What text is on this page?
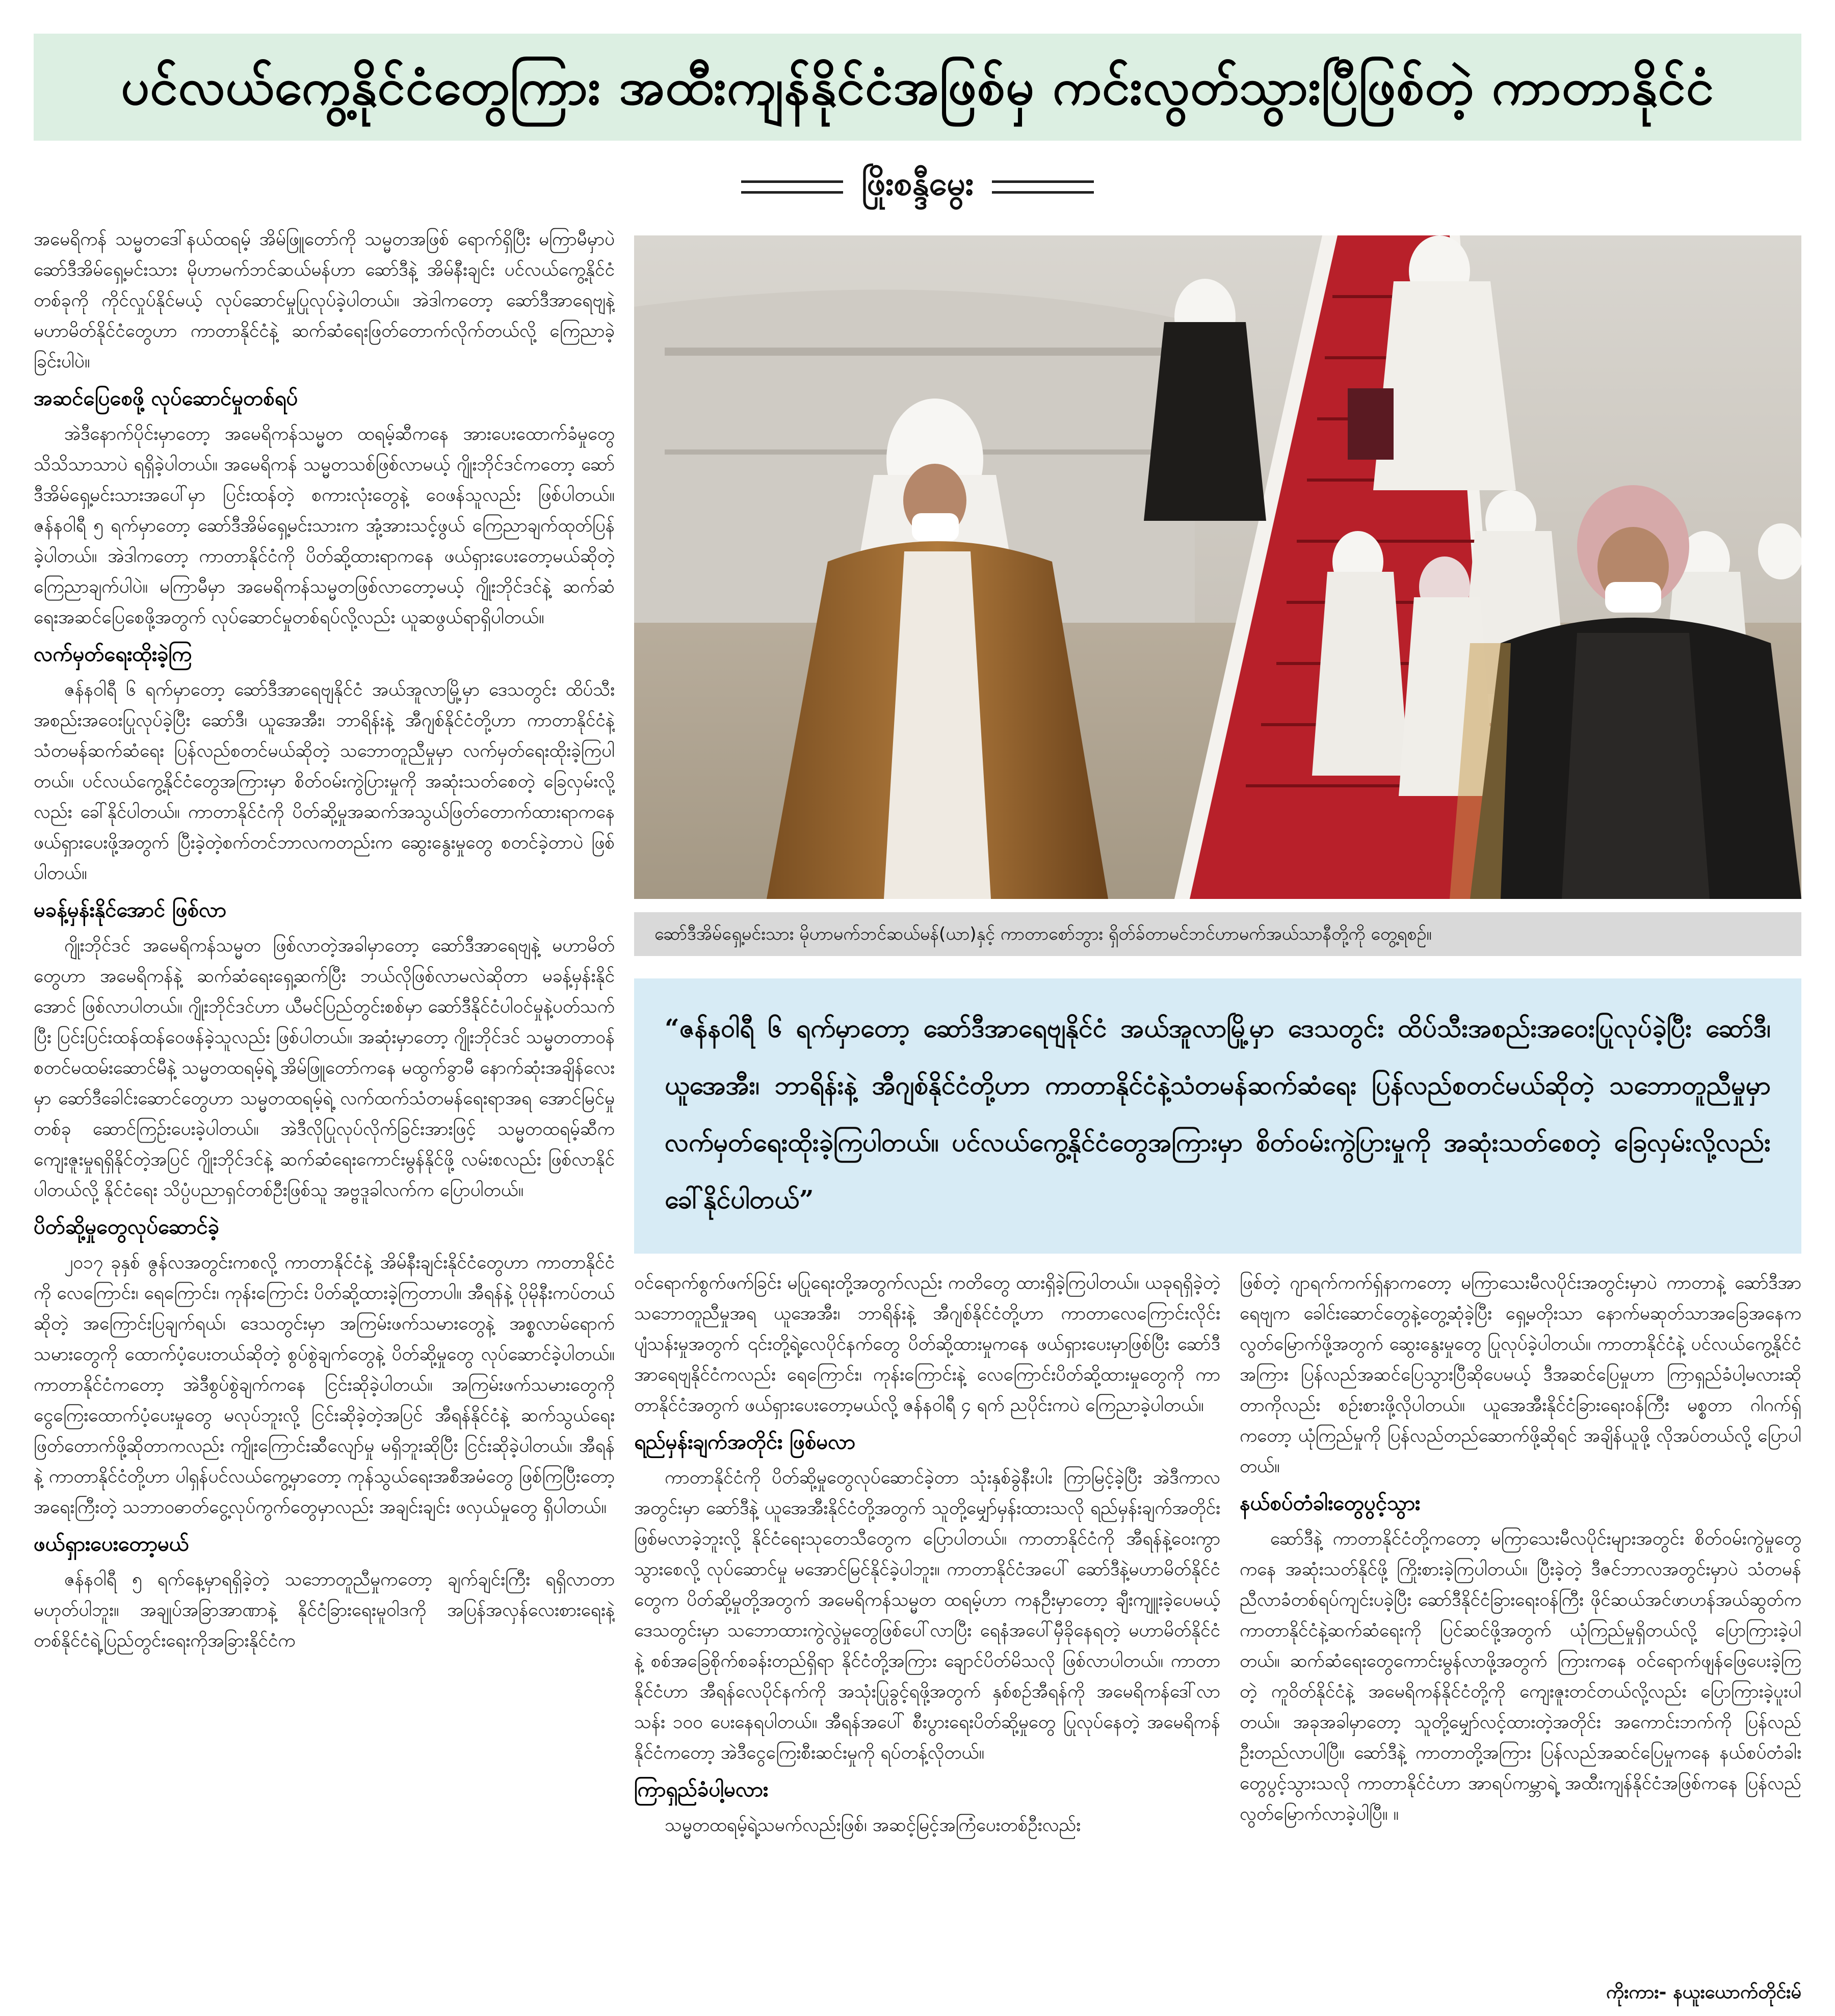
ပင်လယ်ကွေ့နိုင်ငံတွေကြား အထီးကျန်နိုင်ငံအဖြစ်မှ ကင်းလွတ်သွားပြီဖြစ်တဲ့ ကာတာနိုင်ငံ
ဖြိုးစန္ဒီမွေး

အမေရိကန် သမ္မတဒေါ်နယ်ထရမ့် အိမ်ဖြူတော်ကို သမ္မတအဖြစ် ရောက်ရှိပြီး မကြာမီမှာပဲ ဆော်ဒီအိမ်ရှေ့မင်းသား မိုဟာမက်ဘင်ဆယ်မန်ဟာ ဆော်ဒီနဲ့ အိမ်နီးချင်း ပင်လယ်ကွေ့နိုင်ငံတစ်ခုကို ကိုင်လှုပ်နိုင်မယ့် လုပ်ဆောင်မှုပြုလုပ်ခဲ့ပါတယ်။ အဲဒါကတော့ ဆော်ဒီအာရေဗျနဲ့ မဟာမိတ်နိုင်ငံတွေဟာ ကာတာနိုင်ငံနဲ့ ဆက်ဆံရေးဖြတ်တောက်လိုက်တယ်လို့ ကြေညာခဲ့ခြင်းပါပဲ။

အဆင်ပြေစေဖို့ လုပ်ဆောင်မှုတစ်ရပ်

အဲဒီနောက်ပိုင်းမှာတော့ အမေရိကန်သမ္မတ ထရမ့်ဆီကနေ အားပေးထောက်ခံမှုတွေ သိသိသာသာပဲ ရရှိခဲ့ပါတယ်။ အမေရိကန် သမ္မတသစ်ဖြစ်လာမယ့် ဂျိုးဘိုင်ဒင်ကတော့ ဆော်ဒီအိမ်ရှေ့မင်းသားအပေါ်မှာ ပြင်းထန်တဲ့ စကားလုံးတွေနဲ့ ဝေဖန်သူလည်း ဖြစ်ပါတယ်။ ဇန်နဝါရီ ၅ ရက်မှာတော့ ဆော်ဒီအိမ်ရှေ့မင်းသားက အုံ့အားသင့်ဖွယ် ကြေညာချက်ထုတ်ပြန်ခဲ့ပါတယ်။ အဲဒါကတော့ ကာတာနိုင်ငံကို ပိတ်ဆို့ထားရာကနေ ဖယ်ရှားပေးတော့မယ်ဆိုတဲ့ ကြေညာချက်ပါပဲ။ မကြာမီမှာ အမေရိကန်သမ္မတဖြစ်လာတော့မယ့် ဂျိုးဘိုင်ဒင်နဲ့ ဆက်ဆံရေးအဆင်ပြေစေဖို့အတွက် လုပ်ဆောင်မှုတစ်ရပ်လို့လည်း ယူဆဖွယ်ရာရှိပါတယ်။

လက်မှတ်ရေးထိုးခဲ့ကြ

ဇန်နဝါရီ ၆ ရက်မှာတော့ ဆော်ဒီအာရေဗျနိုင်ငံ အယ်အူလာမြို့မှာ ဒေသတွင်း ထိပ်သီးအစည်းအဝေးပြုလုပ်ခဲ့ပြီး ဆော်ဒီ၊ ယူအေအီး၊ ဘာရိန်းနဲ့ အီဂျစ်နိုင်ငံတို့ဟာ ကာတာနိုင်ငံနဲ့သံတမန်ဆက်ဆံရေး ပြန်လည်စတင်မယ်ဆိုတဲ့ သဘောတူညီမှုမှာ လက်မှတ်ရေးထိုးခဲ့ကြပါတယ်။ ပင်လယ်ကွေ့နိုင်ငံတွေအကြားမှာ စိတ်ဝမ်းကွဲပြားမှုကို အဆုံးသတ်စေတဲ့ ခြေလှမ်းလို့လည်း ခေါ်နိုင်ပါတယ်။ ကာတာနိုင်ငံကို ပိတ်ဆို့မှုအဆက်အသွယ်ဖြတ်တောက်ထားရာကနေ ဖယ်ရှားပေးဖို့အတွက် ပြီးခဲ့တဲ့စက်တင်ဘာလကတည်းက ဆွေးနွေးမှုတွေ စတင်ခဲ့တာပဲ ဖြစ်ပါတယ်။

မခန့်မှန်းနိုင်အောင် ဖြစ်လာ

ဂျိုးဘိုင်ဒင် အမေရိကန်သမ္မတ ဖြစ်လာတဲ့အခါမှာတော့ ဆော်ဒီအာရေဗျနဲ့ မဟာမိတ်တွေဟာ အမေရိကန်နဲ့ ဆက်ဆံရေးရှေ့ဆက်ပြီး ဘယ်လိုဖြစ်လာမလဲဆိုတာ မခန့်မှန်းနိုင်အောင် ဖြစ်လာပါတယ်။ ဂျိုးဘိုင်ဒင်ဟာ ယီမင်ပြည်တွင်းစစ်မှာ ဆော်ဒီနိုင်ငံပါဝင်မှုနဲ့ပတ်သက်ပြီး ပြင်းပြင်းထန်ထန်ဝေဖန်ခဲ့သူလည်း ဖြစ်ပါတယ်။ အဆုံးမှာတော့ ဂျိုးဘိုင်ဒင် သမ္မတတာဝန် စတင်မထမ်းဆောင်မီနဲ့ သမ္မတထရမ့်ရဲ့ အိမ်ဖြူတော်ကနေ မထွက်ခွာမီ နောက်ဆုံးအချိန်လေးမှာ ဆော်ဒီခေါင်းဆောင်တွေဟာ သမ္မတထရမ့်ရဲ့ လက်ထက်သံတမန်ရေးရာအရ အောင်မြင်မှုတစ်ခု ဆောင်ကြဉ်းပေးခဲ့ပါတယ်။ အဲဒီလိုပြုလုပ်လိုက်ခြင်းအားဖြင့် သမ္မတထရမ့်ဆီက ကျေးဇူးမှုရရှိနိုင်တဲ့အပြင် ဂျိုးဘိုင်ဒင်နဲ့ ဆက်ဆံရေးကောင်းမွန်နိုင်ဖို့ လမ်းစလည်း ဖြစ်လာနိုင်ပါတယ်လို့ နိုင်ငံရေး သိပ္ပံပညာရှင်တစ်ဦးဖြစ်သူ အဗ္ဗဒူခါလက်က ပြောပါတယ်။

ပိတ်ဆို့မှုတွေလုပ်ဆောင်ခဲ့

၂၀၁၇ ခုနှစ် ဇွန်လအတွင်းကစလို့ ကာတာနိုင်ငံနဲ့ အိမ်နီးချင်းနိုင်ငံတွေဟာ ကာတာနိုင်ငံကို လေကြောင်း၊ ရေကြောင်း၊ ကုန်းကြောင်း ပိတ်ဆို့ထားခဲ့ကြတာပါ။ အီရန်နဲ့ ပိုမိုနီးကပ်တယ်ဆိုတဲ့ အကြောင်းပြချက်ရယ်၊ ဒေသတွင်းမှာ အကြမ်းဖက်သမားတွေနဲ့ အစ္စလာမ်ရောက်သမားတွေကို ထောက်ပံ့ပေးတယ်ဆိုတဲ့ စွပ်စွဲချက်တွေနဲ့ ပိတ်ဆို့မှုတွေ လုပ်ဆောင်ခဲ့ပါတယ်။ ကာတာနိုင်ငံကတော့ အဲဒီစွပ်စွဲချက်ကနေ ငြင်းဆိုခဲ့ပါတယ်။ အကြမ်းဖက်သမားတွေကို ငွေကြေးထောက်ပံ့ပေးမှုတွေ မလုပ်ဘူးလို့ ငြင်းဆိုခဲ့တဲ့အပြင် အီရန်နိုင်ငံနဲ့ ဆက်သွယ်ရေးဖြတ်တောက်ဖို့ဆိုတာကလည်း ကျိုးကြောင်းဆီလျော်မှု မရှိဘူးဆိုပြီး ငြင်းဆိုခဲ့ပါတယ်။ အီရန်နဲ့ ကာတာနိုင်ငံတို့ဟာ ပါရှန်ပင်လယ်ကွေ့မှာတော့ ကုန်သွယ်ရေးအစီအမံတွေ ဖြစ်ကြပြီးတော့ အရေးကြီးတဲ့ သဘာဝဓာတ်ငွေ့လုပ်ကွက်တွေမှာလည်း အချင်းချင်း ဖလှယ်မှုတွေ ရှိပါတယ်။

ဖယ်ရှားပေးတော့မယ်

ဇန်နဝါရီ ၅ ရက်နေ့မှာရရှိခဲ့တဲ့ သဘောတူညီမှုကတော့ ချက်ချင်းကြီး ရရှိလာတာ မဟုတ်ပါဘူး။ အချုပ်အခြာအာဏာနဲ့ နိုင်ငံခြားရေးမူဝါဒကို အပြန်အလှန်လေးစားရေးနဲ့ တစ်နိုင်ငံရဲ့ပြည်တွင်းရေးကိုအခြားနိုင်ငံက

ဆော်ဒီအိမ်ရှေ့မင်းသား မိုဟာမက်ဘင်ဆယ်မန်(ယာ)နှင့် ကာတာစော်ဘွား ရှိတ်ခ်တာမင်ဘင်ဟာမက်အယ်သာနီတို့ကို တွေ့ရစဉ်။

“ဇန်နဝါရီ ၆ ရက်မှာတော့ ဆော်ဒီအာရေဗျနိုင်ငံ အယ်အူလာမြို့မှာ ဒေသတွင်း ထိပ်သီးအစည်းအဝေးပြုလုပ်ခဲ့ပြီး ဆော်ဒီ၊ ယူအေအီး၊ ဘာရိန်းနဲ့ အီဂျစ်နိုင်ငံတို့ဟာ ကာတာနိုင်ငံနဲ့သံတမန်ဆက်ဆံရေး ပြန်လည်စတင်မယ်ဆိုတဲ့ သဘောတူညီမှုမှာ လက်မှတ်ရေးထိုးခဲ့ကြပါတယ်။ ပင်လယ်ကွေ့နိုင်ငံတွေအကြားမှာ စိတ်ဝမ်းကွဲပြားမှုကို အဆုံးသတ်စေတဲ့ ခြေလှမ်းလို့လည်း ခေါ်နိုင်ပါတယ်”

ဝင်ရောက်စွက်ဖက်ခြင်း မပြုရေးတို့အတွက်လည်း ကတိတွေ ထားရှိခဲ့ကြပါတယ်။ ယခုရရှိခဲ့တဲ့ သဘောတူညီမှုအရ ယူအေအီး၊ ဘာရိန်းနဲ့ အီဂျစ်နိုင်ငံတို့ဟာ ကာတာလေကြောင်းလိုင်း ပျံသန်းမှုအတွက် ၎င်းတို့ရဲ့လေပိုင်နက်တွေ ပိတ်ဆို့ထားမှုကနေ ဖယ်ရှားပေးမှာဖြစ်ပြီး ဆော်ဒီအာရေဗျနိုင်ငံကလည်း ရေကြောင်း၊ ကုန်းကြောင်းနဲ့ လေကြောင်းပိတ်ဆို့ထားမှုတွေကို ကာတာနိုင်ငံအတွက် ဖယ်ရှားပေးတော့မယ်လို့ ဇန်နဝါရီ ၄ ရက် ညပိုင်းကပဲ ကြေညာခဲ့ပါတယ်။

ရည်မှန်းချက်အတိုင်း ဖြစ်မလာ

ကာတာနိုင်ငံကို ပိတ်ဆို့မှုတွေလုပ်ဆောင်ခဲ့တာ သုံးနှစ်ခွဲနီးပါး ကြာမြင့်ခဲ့ပြီး အဲဒီကာလအတွင်းမှာ ဆော်ဒီနဲ့ ယူအေအီးနိုင်ငံတို့အတွက် သူတို့မျှော်မှန်းထားသလို ရည်မှန်းချက်အတိုင်း ဖြစ်မလာခဲ့ဘူးလို့ နိုင်ငံရေးသုတေသီတွေက ပြောပါတယ်။ ကာတာနိုင်ငံကို အီရန်နဲ့ဝေးကွာသွားစေလို့ လုပ်ဆောင်မှု မအောင်မြင်နိုင်ခဲ့ပါဘူး။ ကာတာနိုင်ငံအပေါ် ဆော်ဒီနဲ့မဟာမိတ်နိုင်ငံတွေက ပိတ်ဆို့မှုတို့အတွက် အမေရိကန်သမ္မတ ထရမ့်ဟာ ကနဦးမှာတော့ ချီးကျူးခဲ့ပေမယ့် ဒေသတွင်းမှာ သဘောထားကွဲလွဲမှုတွေဖြစ်ပေါ်လာပြီး ရေနံအပေါ်မှီခိုနေရတဲ့ မဟာမိတ်နိုင်ငံနဲ့ စစ်အခြေစိုက်စခန်းတည်ရှိရာ နိုင်ငံတို့အကြား ချောင်ပိတ်မိသလို ဖြစ်လာပါတယ်။ ကာတာနိုင်ငံဟာ အီရန်လေပိုင်နက်ကို အသုံးပြုခွင့်ရဖို့အတွက် နှစ်စဉ်အီရန်ကို အမေရိကန်ဒေါ်လာ သန်း ၁၀၀ ပေးနေရပါတယ်။ အီရန်အပေါ် စီးပွားရေးပိတ်ဆို့မှုတွေ ပြုလုပ်နေတဲ့ အမေရိကန်နိုင်ငံကတော့ အဲဒီငွေကြေးစီးဆင်းမှုကို ရပ်တန့်လိုတယ်။

ကြာရှည်ခံပါ့မလား

သမ္မတထရမ့်ရဲ့သမက်လည်းဖြစ်၊ အဆင့်မြင့်အကြံပေးတစ်ဦးလည်း

ဖြစ်တဲ့ ဂျာရက်ကက်ရှ်နာကတော့ မကြာသေးမီလပိုင်းအတွင်းမှာပဲ ကာတာနဲ့ ဆော်ဒီအာရေဗျက ခေါင်းဆောင်တွေနဲ့တွေ့ဆုံခဲ့ပြီး ရှေ့မတိုးသာ နောက်မဆုတ်သာအခြေအနေက လွတ်မြောက်ဖို့အတွက် ဆွေးနွေးမှုတွေ ပြုလုပ်ခဲ့ပါတယ်။ ကာတာနိုင်ငံနဲ့ ပင်လယ်ကွေ့နိုင်ငံအကြား ပြန်လည်အဆင်ပြေသွားပြီဆိုပေမယ့် ဒီအဆင်ပြေမှုဟာ ကြာရှည်ခံပါ့မလားဆိုတာကိုလည်း စဉ်းစားဖို့လိုပါတယ်။ ယူအေအီးနိုင်ငံခြားရေးဝန်ကြီး မစ္စတာ ဂါဂက်ရှ်ကတော့ ယုံကြည်မှုကို ပြန်လည်တည်ဆောက်ဖို့ဆိုရင် အချိန်ယူဖို့ လိုအပ်တယ်လို့ ပြောပါတယ်။

နယ်စပ်တံခါးတွေပွင့်သွား

ဆော်ဒီနဲ့ ကာတာနိုင်ငံတို့ကတော့ မကြာသေးမီလပိုင်းများအတွင်း စိတ်ဝမ်းကွဲမှုတွေကနေ အဆုံးသတ်နိုင်ဖို့ ကြိုးစားခဲ့ကြပါတယ်။ ပြီးခဲ့တဲ့ ဒီဇင်ဘာလအတွင်းမှာပဲ သံတမန်ညီလာခံတစ်ရပ်ကျင်းပခဲ့ပြီး ဆော်ဒီနိုင်ငံခြားရေးဝန်ကြီး ဖိုင်ဆယ်အင်ဖာဟန်အယ်ဆွတ်က ကာတာနိုင်ငံနဲ့ဆက်ဆံရေးကို ပြင်ဆင်ဖို့အတွက် ယုံကြည်မှုရှိတယ်လို့ ပြောကြားခဲ့ပါတယ်။ ဆက်ဆံရေးတွေကောင်းမွန်လာဖို့အတွက် ကြားကနေ ဝင်ရောက်ဖျန်ဖြေပေးခဲ့ကြတဲ့ ကူဝိတ်နိုင်ငံနဲ့ အမေရိကန်နိုင်ငံတို့ကို ကျေးဇူးတင်တယ်လို့လည်း ပြောကြားခဲ့ပူးပါတယ်။ အခုအခါမှာတော့ သူတို့မျှော်လင့်ထားတဲ့အတိုင်း အကောင်းဘက်ကို ပြန်လည်ဦးတည်လာပါပြီ။ ဆော်ဒီနဲ့ ကာတာတို့အကြား ပြန်လည်အဆင်ပြေမှုကနေ နယ်စပ်တံခါးတွေပွင့်သွားသလို ကာတာနိုင်ငံဟာ အာရပ်ကမ္ဘာရဲ့ အထီးကျန်နိုင်ငံအဖြစ်ကနေ ပြန်လည်လွတ်မြောက်လာခဲ့ပါပြီ။ ။

ကိုးကား- နယူးယောက်တိုင်းမ်
